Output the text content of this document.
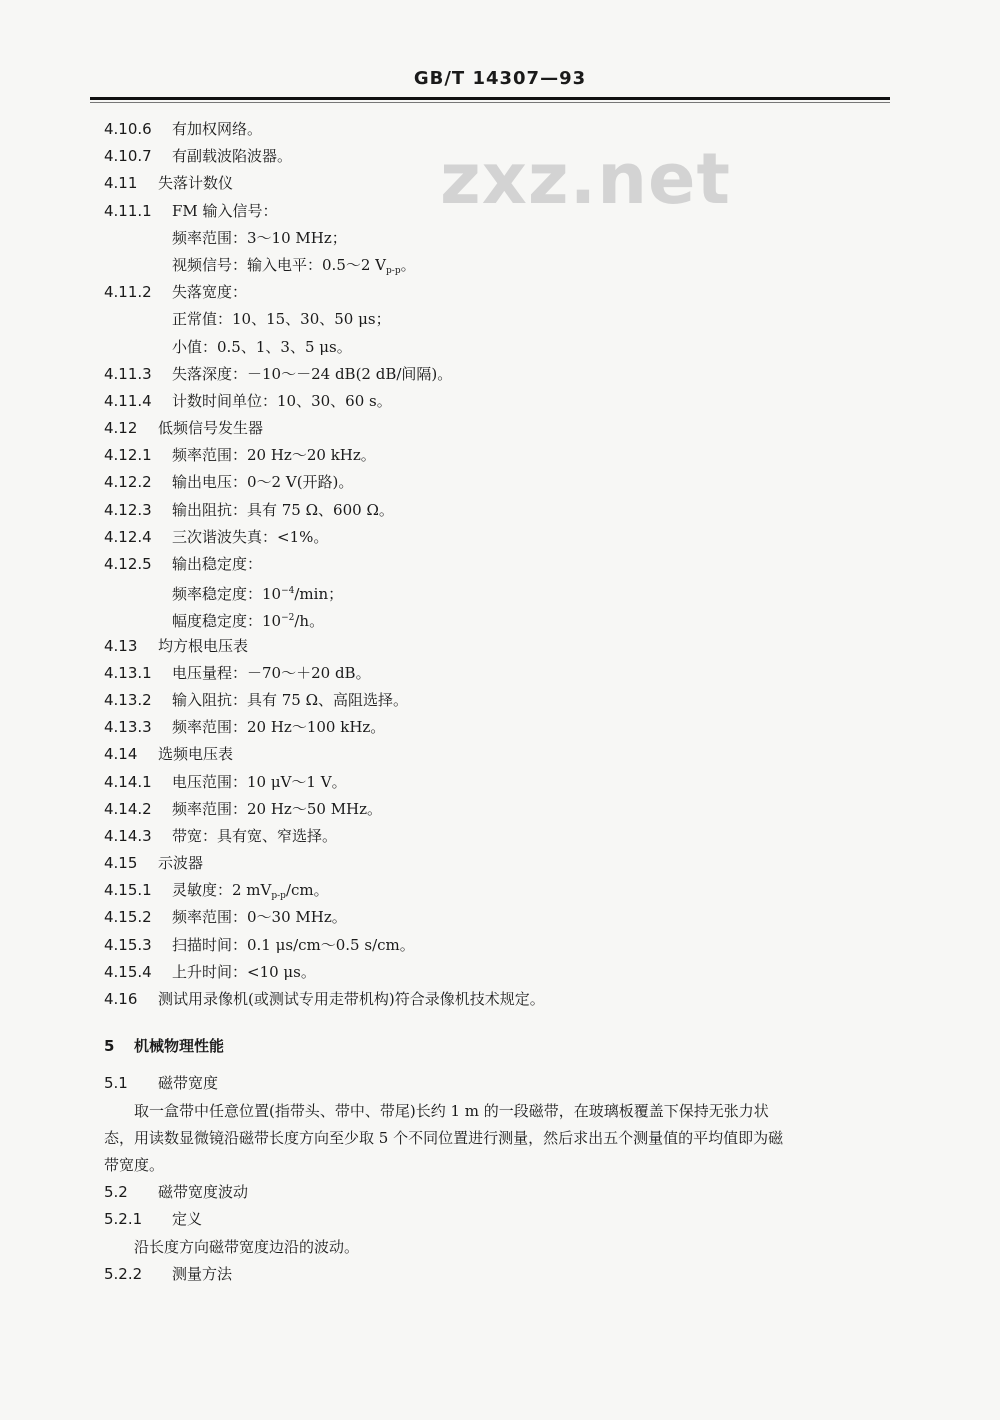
GB/T 14307—93
zxz.net
4.10.6 有加权网络。
4.10.7 有副载波陷波器。
4.11 失落计数仪
4.11.1 FM 输入信号：
频率范围：3～10 MHz；
视频信号：输入电平：0.5～2 $V_{p-p}$。
4.11.2 失落宽度：
正常值：10、15、30、50 μs；
小值：0.5、1、3、5 μs。
4.11.3 失落深度：－10～－24 dB(2 dB/间隔)。
4.11.4 计数时间单位：10、30、60 s。
4.12 低频信号发生器
4.12.1 频率范围：20 Hz～20 kHz。
4.12.2 输出电压：0～2 V(开路)。
4.12.3 输出阻抗：具有 75 Ω、600 Ω。
4.12.4 三次谐波失真：<1%。
4.12.5 输出稳定度：
频率稳定度：$10^{-4}/\min$；
幅度稳定度：$10^{-2}/h$。
4.13 均方根电压表
4.13.1 电压量程：－70～＋20 dB。
4.13.2 输入阻抗：具有 75 Ω、高阻选择。
4.13.3 频率范围：20 Hz～100 kHz。
4.14 选频电压表
4.14.1 电压范围：10 μV～1 V。
4.14.2 频率范围：20 Hz～50 MHz。
4.14.3 带宽：具有宽、窄选择。
4.15 示波器
4.15.1 灵敏度：2 $mV_{p-p}/cm$。
4.15.2 频率范围：0～30 MHz。
4.15.3 扫描时间：0.1 μs/cm～0.5 s/cm。
4.15.4 上升时间：<10 μs。
4.16 测试用录像机(或测试专用走带机构)符合录像机技术规定。
5 机械物理性能
5.1 磁带宽度
　　取一盒带中任意位置(指带头、带中、带尾)长约 1 m 的一段磁带，在玻璃板覆盖下保持无张力状
态，用读数显微镜沿磁带长度方向至少取 5 个不同位置进行测量，然后求出五个测量值的平均值即为磁
带宽度。
5.2 磁带宽度波动
5.2.1 定义
　　沿长度方向磁带宽度边沿的波动。
5.2.2 测量方法
